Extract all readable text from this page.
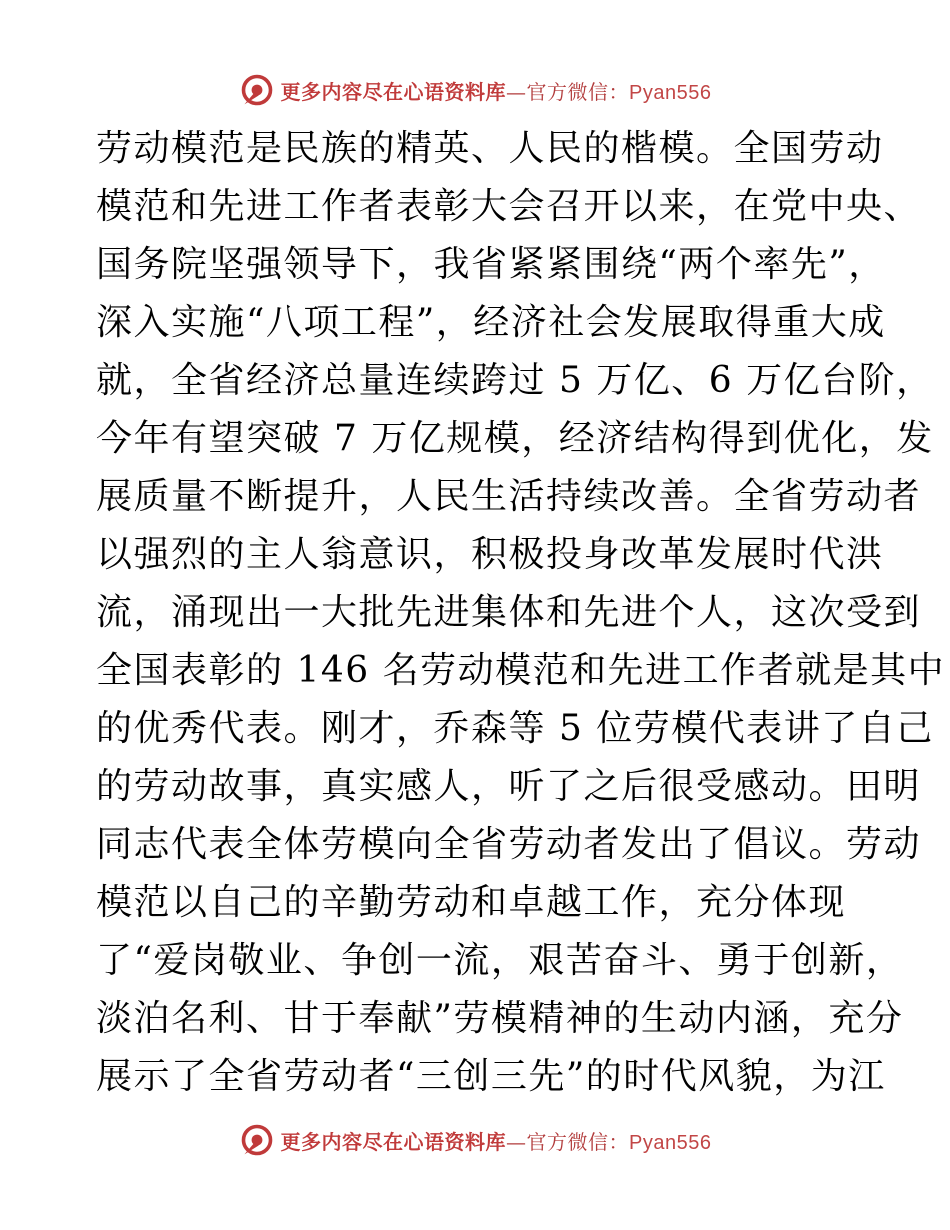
更多内容尽在心语资料库—官方微信：Pyan556
劳动模范是民族的精英、人民的楷模。全国劳动
模范和先进工作者表彰大会召开以来，在党中央、
国务院坚强领导下，我省紧紧围绕“两个率先”，
深入实施“八项工程”，经济社会发展取得重大成
就，全省经济总量连续跨过 5 万亿、6 万亿台阶，
今年有望突破 7 万亿规模，经济结构得到优化，发
展质量不断提升，人民生活持续改善。全省劳动者
以强烈的主人翁意识，积极投身改革发展时代洪
流，涌现出一大批先进集体和先进个人，这次受到
全国表彰的 146 名劳动模范和先进工作者就是其中
的优秀代表。刚才，乔森等 5 位劳模代表讲了自己
的劳动故事，真实感人，听了之后很受感动。田明
同志代表全体劳模向全省劳动者发出了倡议。劳动
模范以自己的辛勤劳动和卓越工作，充分体现
了“爱岗敬业、争创一流，艰苦奋斗、勇于创新，
淡泊名利、甘于奉献”劳模精神的生动内涵，充分
展示了全省劳动者“三创三先”的时代风貌，为江
更多内容尽在心语资料库—官方微信：Pyan556
